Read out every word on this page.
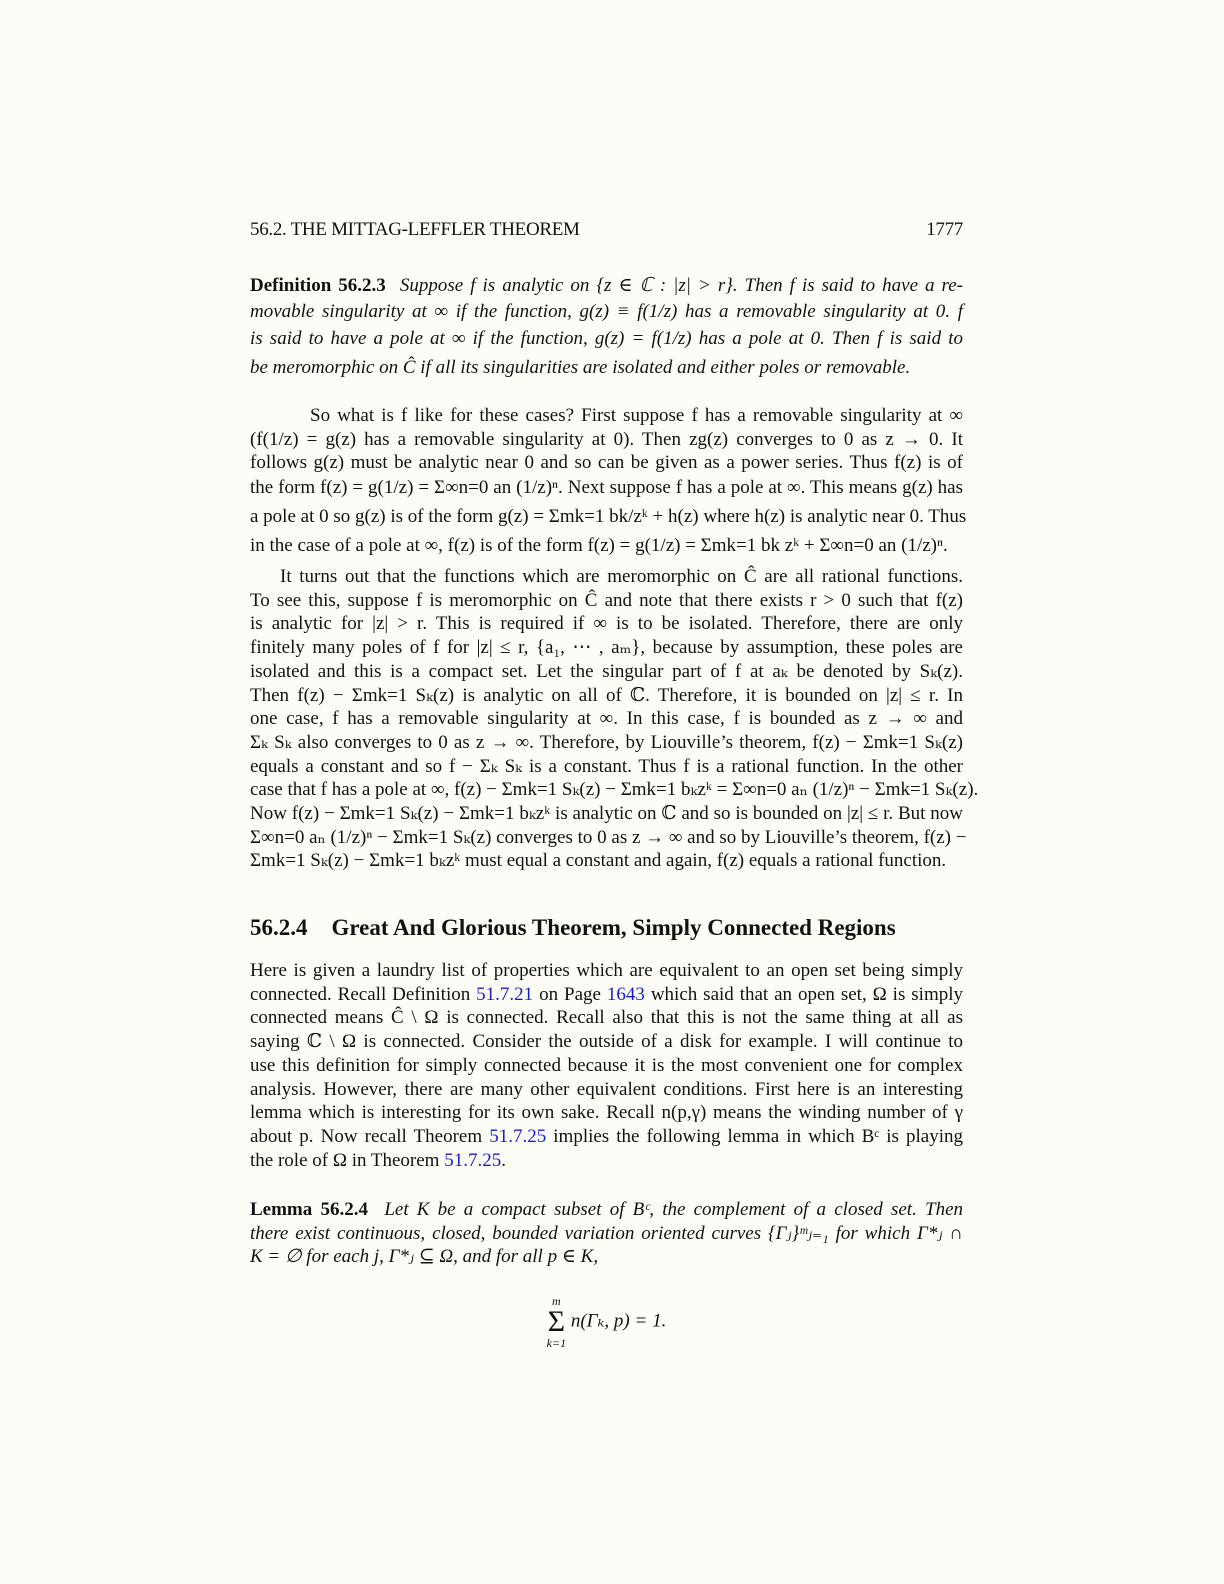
56.2. THE MITTAG-LEFFLER THEOREM	1777
Definition 56.2.3 Suppose f is analytic on {z ∈ ℂ : |z| > r}. Then f is said to have a re-
movable singularity at ∞ if the function, g(z) ≡ f(1/z) has a removable singularity at 0. f
is said to have a pole at ∞ if the function, g(z) = f(1/z) has a pole at 0. Then f is said to
be meromorphic on Ĉ if all its singularities are isolated and either poles or removable.
So what is f like for these cases? First suppose f has a removable singularity at ∞
(f(1/z) = g(z) has a removable singularity at 0). Then zg(z) converges to 0 as z → 0. It
follows g(z) must be analytic near 0 and so can be given as a power series. Thus f(z) is of
the form f(z) = g(1/z) = Σ∞n=0 an (1/z)ⁿ. Next suppose f has a pole at ∞. This means g(z) has
a pole at 0 so g(z) is of the form g(z) = Σmk=1 bk/zᵏ + h(z) where h(z) is analytic near 0. Thus
in the case of a pole at ∞, f(z) is of the form f(z) = g(1/z) = Σmk=1 bk zᵏ + Σ∞n=0 an (1/z)ⁿ.
It turns out that the functions which are meromorphic on Ĉ are all rational functions.
To see this, suppose f is meromorphic on Ĉ and note that there exists r > 0 such that f(z)
is analytic for |z| > r. This is required if ∞ is to be isolated. Therefore, there are only
finitely many poles of f for |z| ≤ r, {a₁, ⋯ , aₘ}, because by assumption, these poles are
isolated and this is a compact set. Let the singular part of f at aₖ be denoted by Sₖ(z).
Then f(z) − Σmk=1 Sₖ(z) is analytic on all of ℂ. Therefore, it is bounded on |z| ≤ r. In
one case, f has a removable singularity at ∞. In this case, f is bounded as z → ∞ and
Σₖ Sₖ also converges to 0 as z → ∞. Therefore, by Liouville’s theorem, f(z) − Σmk=1 Sₖ(z)
equals a constant and so f − Σₖ Sₖ is a constant. Thus f is a rational function. In the other
case that f has a pole at ∞, f(z) − Σmk=1 Sₖ(z) − Σmk=1 bₖzᵏ = Σ∞n=0 aₙ (1/z)ⁿ − Σmk=1 Sₖ(z).
Now f(z) − Σmk=1 Sₖ(z) − Σmk=1 bₖzᵏ is analytic on ℂ and so is bounded on |z| ≤ r. But now
Σ∞n=0 aₙ (1/z)ⁿ − Σmk=1 Sₖ(z) converges to 0 as z → ∞ and so by Liouville’s theorem, f(z) −
Σmk=1 Sₖ(z) − Σmk=1 bₖzᵏ must equal a constant and again, f(z) equals a rational function.
56.2.4 Great And Glorious Theorem, Simply Connected Regions
Here is given a laundry list of properties which are equivalent to an open set being simply
connected. Recall Definition 51.7.21 on Page 1643 which said that an open set, Ω is simply
connected means Ĉ \ Ω is connected. Recall also that this is not the same thing at all as
saying ℂ \ Ω is connected. Consider the outside of a disk for example. I will continue to
use this definition for simply connected because it is the most convenient one for complex
analysis. However, there are many other equivalent conditions. First here is an interesting
lemma which is interesting for its own sake. Recall n(p,γ) means the winding number of γ
about p. Now recall Theorem 51.7.25 implies the following lemma in which Bᶜ is playing
the role of Ω in Theorem 51.7.25.
Lemma 56.2.4 Let K be a compact subset of Bᶜ, the complement of a closed set. Then
there exist continuous, closed, bounded variation oriented curves {Γⱼ}ᵐⱼ₌₁ for which Γ*ⱼ ∩
K = ∅ for each j, Γ*ⱼ ⊆ Ω, and for all p ∈ K,
m
Σ
k=1
n(Γₖ, p) = 1.
